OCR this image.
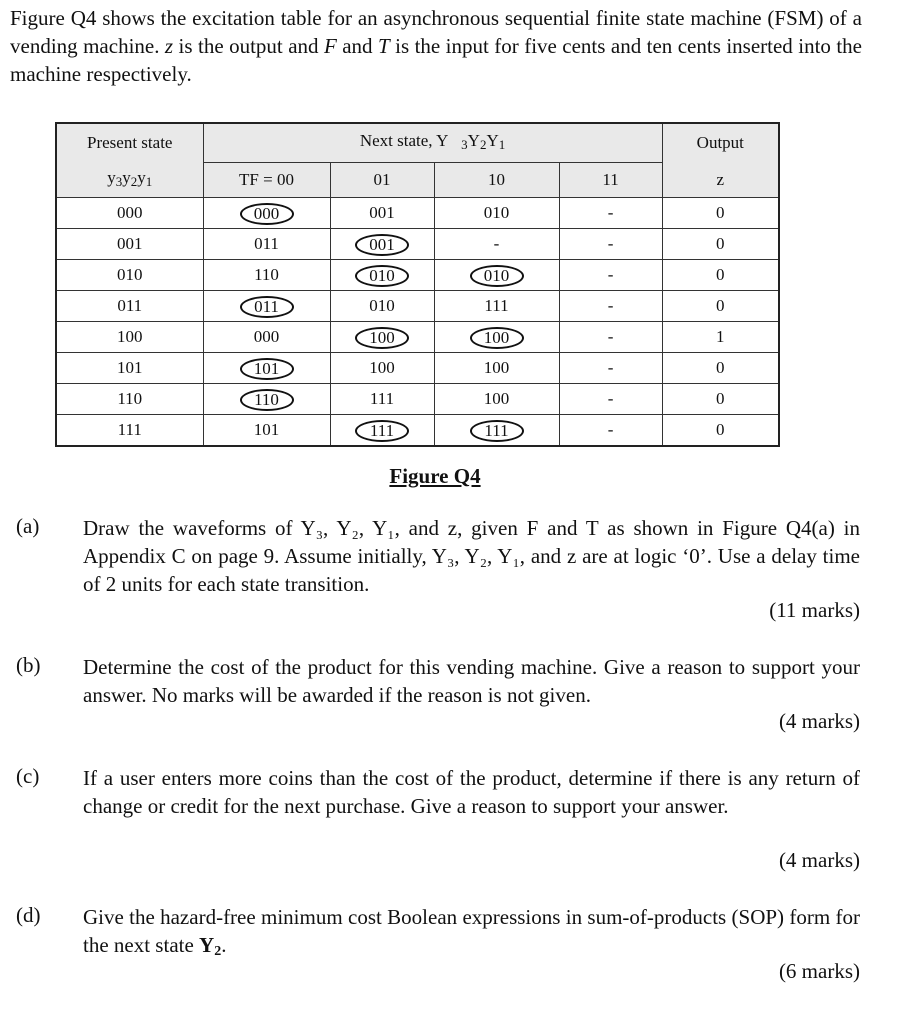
Figure Q4 shows the excitation table for an asynchronous sequential finite state machine (FSM) of a vending machine. z is the output and F and T is the input for five cents and ten cents inserted into the machine respectively.
Present state	Next state, Y 3Y2Y1				Output
y3y2y1	TF = 00	01	10	11	z
000	000	001	010	-	0
001	011	001	-	-	0
010	110	010	010	-	0
011	011	010	111	-	0
100	000	100	100	-	1
101	101	100	100	-	0
110	110	111	100	-	0
111	101	111	111	-	0
Figure Q4
(a) Draw the waveforms of Y₃, Y₂, Y₁, and z, given F and T as shown in Figure Q4(a) in Appendix C on page 9. Assume initially, Y₃, Y₂, Y₁, and z are at logic ‘0’. Use a delay time of 2 units for each state transition.
(11 marks)
(b) Determine the cost of the product for this vending machine. Give a reason to support your answer. No marks will be awarded if the reason is not given.
(4 marks)
(c) If a user enters more coins than the cost of the product, determine if there is any return of change or credit for the next purchase. Give a reason to support your answer.
(4 marks)
(d) Give the hazard-free minimum cost Boolean expressions in sum-of-products (SOP) form for the next state $Y_2$.
(6 marks)
